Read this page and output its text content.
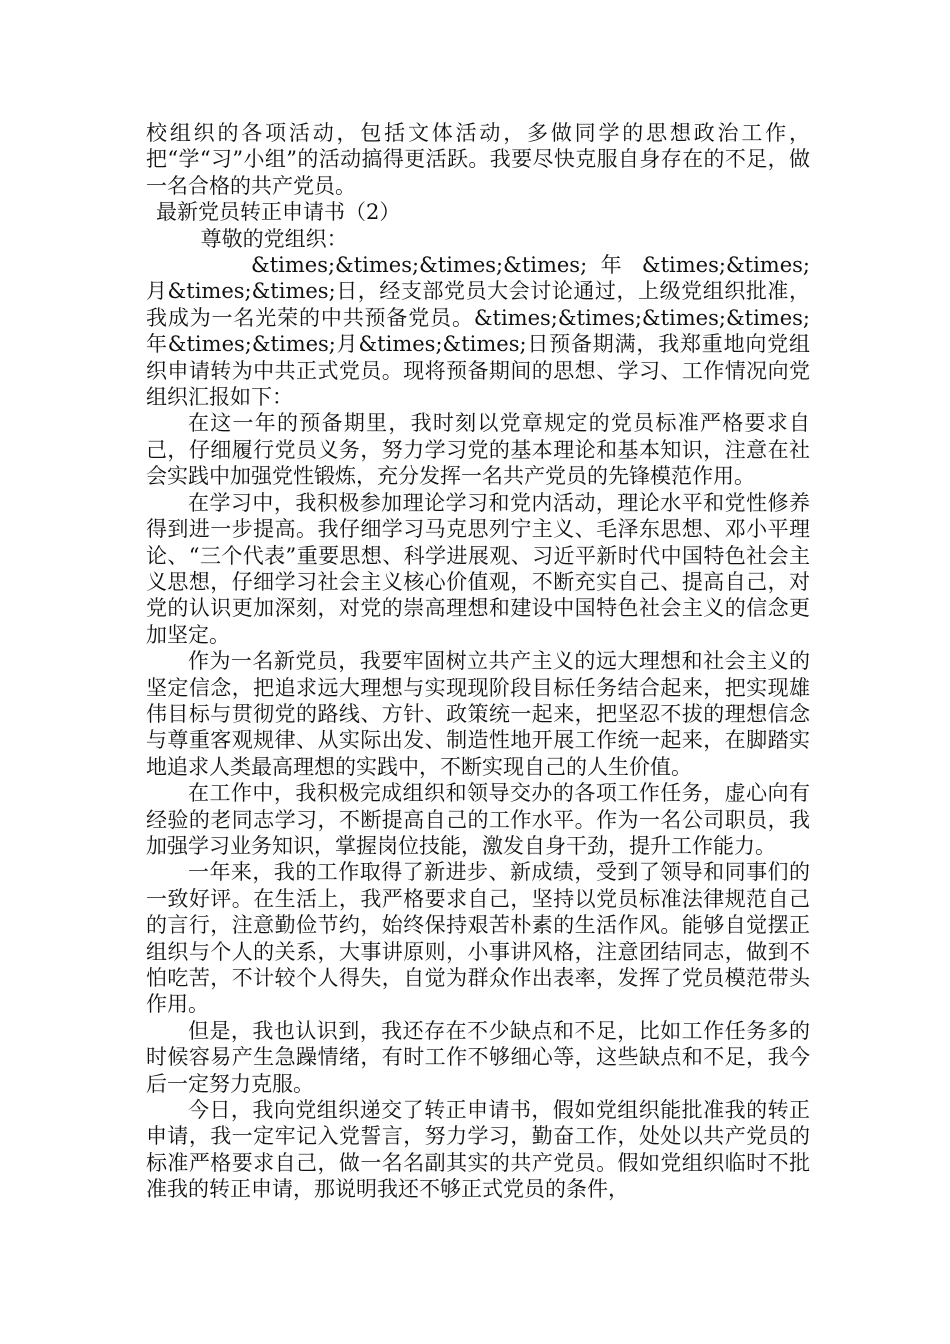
校组织的各项活动，包括文体活动，多做同学的思想政治工作，把“学“习”小组”的活动搞得更活跃。我要尽快克服自身存在的不足，做一名合格的共产党员。

最新党员转正申请书（2）

尊敬的党组织：

&times;&times;&times;&times; 年 &times;&times; 月&times;&times;日，经支部党员大会讨论通过，上级党组织批准，我成为一名光荣的中共预备党员。&times;&times;&times;&times;年&times;&times;月&times;&times;日预备期满，我郑重地向党组织申请转为中共正式党员。现将预备期间的思想、学习、工作情况向党组织汇报如下：

在这一年的预备期里，我时刻以党章规定的党员标准严格要求自己，仔细履行党员义务，努力学习党的基本理论和基本知识，注意在社会实践中加强党性锻炼，充分发挥一名共产党员的先锋模范作用。

在学习中，我积极参加理论学习和党内活动，理论水平和党性修养得到进一步提高。我仔细学习马克思列宁主义、毛泽东思想、邓小平理论、“三个代表”重要思想、科学进展观、习近平新时代中国特色社会主义思想，仔细学习社会主义核心价值观，不断充实自己、提高自己，对党的认识更加深刻，对党的崇高理想和建设中国特色社会主义的信念更加坚定。

作为一名新党员，我要牢固树立共产主义的远大理想和社会主义的坚定信念，把追求远大理想与实现现阶段目标任务结合起来，把实现雄伟目标与贯彻党的路线、方针、政策统一起来，把坚忍不拔的理想信念与尊重客观规律、从实际出发、制造性地开展工作统一起来，在脚踏实地追求人类最高理想的实践中，不断实现自己的人生价值。

在工作中，我积极完成组织和领导交办的各项工作任务，虚心向有经验的老同志学习，不断提高自己的工作水平。作为一名公司职员，我加强学习业务知识，掌握岗位技能，激发自身干劲，提升工作能力。

一年来，我的工作取得了新进步、新成绩，受到了领导和同事们的一致好评。在生活上，我严格要求自己，坚持以党员标准法律规范自己的言行，注意勤俭节约，始终保持艰苦朴素的生活作风。能够自觉摆正组织与个人的关系，大事讲原则，小事讲风格，注意团结同志，做到不怕吃苦，不计较个人得失，自觉为群众作出表率，发挥了党员模范带头作用。

但是，我也认识到，我还存在不少缺点和不足，比如工作任务多的时候容易产生急躁情绪，有时工作不够细心等，这些缺点和不足，我今后一定努力克服。

今日，我向党组织递交了转正申请书，假如党组织能批准我的转正申请，我一定牢记入党誓言，努力学习，勤奋工作，处处以共产党员的标准严格要求自己，做一名名副其实的共产党员。假如党组织临时不批准我的转正申请，那说明我还不够正式党员的条件，
